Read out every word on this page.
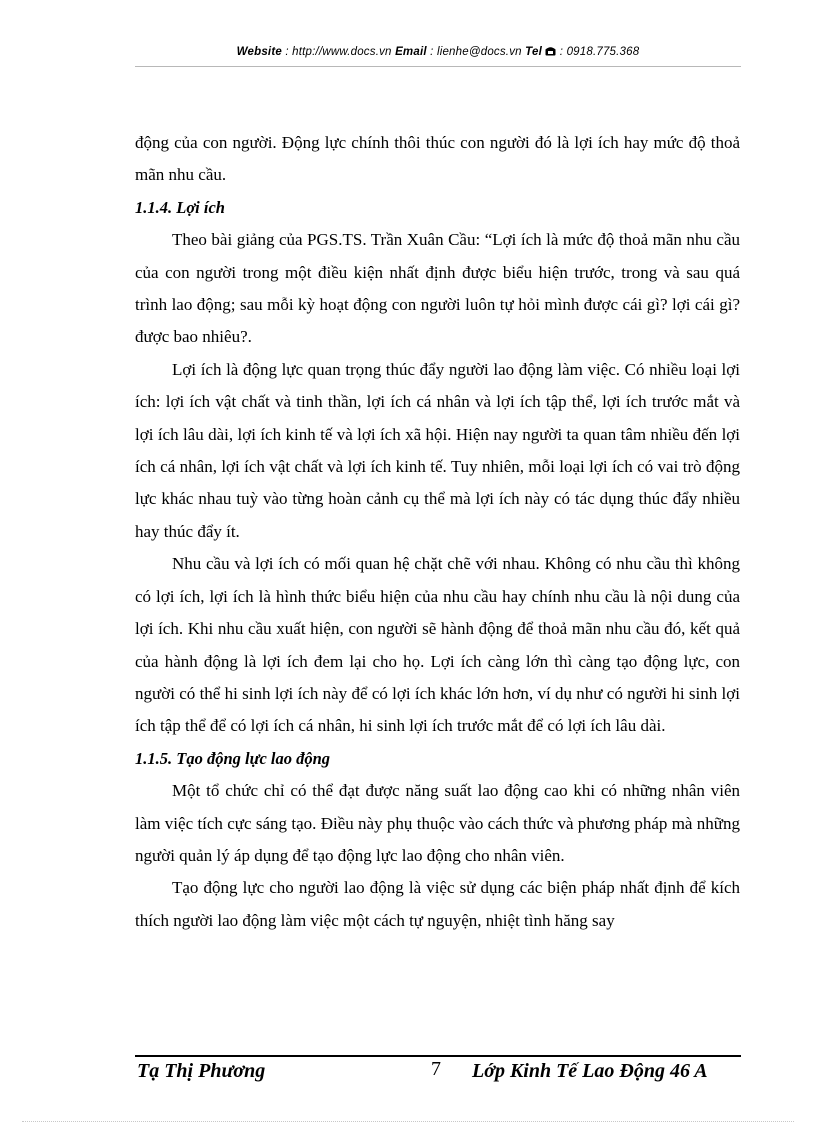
Website : http://www.docs.vn Email : lienhe@docs.vn Tel : 0918.775.368

động của con người. Động lực chính thôi thúc con người đó là lợi ích hay mức độ thoả mãn nhu cầu.

1.1.4. Lợi ích

Theo bài giảng của PGS.TS. Trần Xuân Cầu: “Lợi ích là mức độ thoả mãn nhu cầu của con người trong một điều kiện nhất định được biểu hiện trước, trong và sau quá trình lao động; sau mỗi kỳ hoạt động con người luôn tự hỏi mình được cái gì? lợi cái gì? được bao nhiêu?.

Lợi ích là động lực quan trọng thúc đẩy người lao động làm việc. Có nhiều loại lợi ích: lợi ích vật chất và tinh thần, lợi ích cá nhân và lợi ích tập thể, lợi ích trước mắt và lợi ích lâu dài, lợi ích kinh tế và lợi ích xã hội. Hiện nay người ta quan tâm nhiều đến lợi ích cá nhân, lợi ích vật chất và lợi ích kinh tế. Tuy nhiên, mỗi loại lợi ích có vai trò động lực khác nhau tuỳ vào từng hoàn cảnh cụ thể mà lợi ích này có tác dụng thúc đẩy nhiều hay thúc đẩy ít.

Nhu cầu và lợi ích có mối quan hệ chặt chẽ với nhau. Không có nhu cầu thì không có lợi ích, lợi ích là hình thức biểu hiện của nhu cầu hay chính nhu cầu là nội dung của lợi ích. Khi nhu cầu xuất hiện, con người sẽ hành động để thoả mãn nhu cầu đó, kết quả của hành động là lợi ích đem lại cho họ. Lợi ích càng lớn thì càng tạo động lực, con người có thể hi sinh lợi ích này để có lợi ích khác lớn hơn, ví dụ như có người hi sinh lợi ích tập thể để có lợi ích cá nhân, hi sinh lợi ích trước mắt để có lợi ích lâu dài.

1.1.5. Tạo động lực lao động

Một tổ chức chỉ có thể đạt được năng suất lao động cao khi có những nhân viên làm việc tích cực sáng tạo. Điều này phụ thuộc vào cách thức và phương pháp mà những người quản lý áp dụng để tạo động lực lao động cho nhân viên.

Tạo động lực cho người lao động là việc sử dụng các biện pháp nhất định để kích thích người lao động làm việc một cách tự nguyện, nhiệt tình hăng say

Tạ Thị Phương	7 Lớp Kinh Tế Lao Động 46 A
